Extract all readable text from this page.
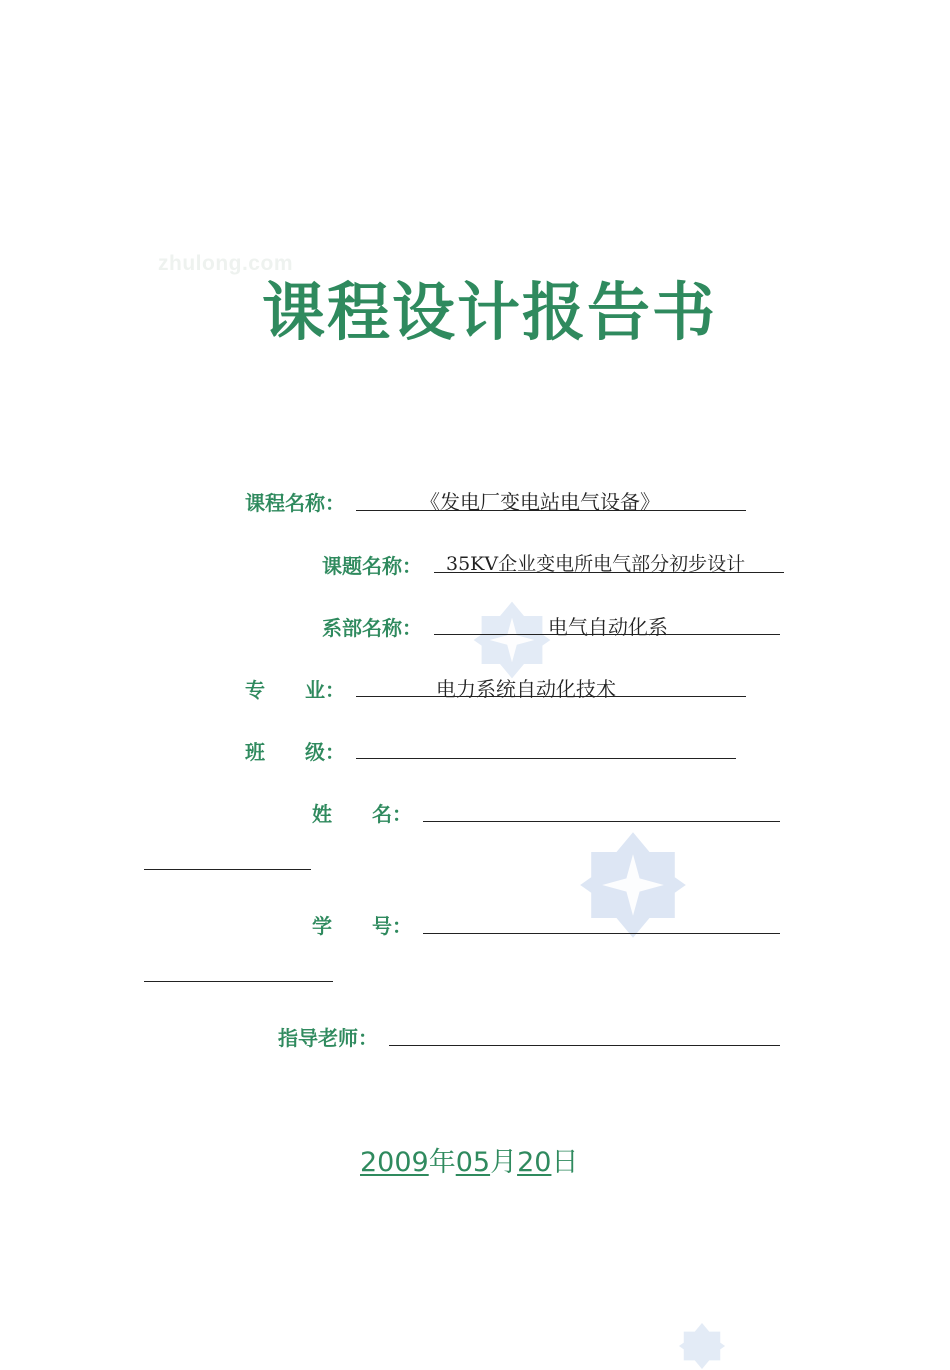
zhulong.com
课程设计报告书
课程名称：	《发电厂变电站电气设备》
课题名称： 35KV企业变电所电气部分初步设计
系部名称：	电气自动化系
专　　业：	电力系统自动化技术
班　　级：
姓　　名：
学　　号：
指导老师：
2009年05月20日
